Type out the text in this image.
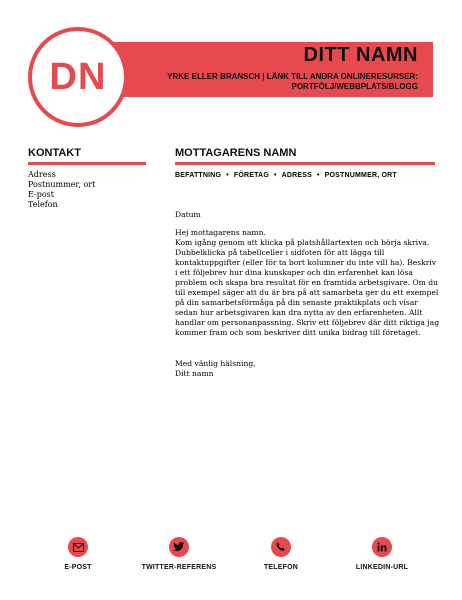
DITT NAMN
YRKE ELLER BRANSCH | LÄNK TILL ANDRA ONLINERESURSER:
PORTFÖLJ/WEBBPLATS/BLOGG
DN
KONTAKT
Adress
Postnummer, ort
E-post
Telefon
MOTTAGARENS NAMN
BEFATTNING • FÖRETAG • ADRESS • POSTNUMMER, ORT
Datum
Hej mottagarens namn.
Kom igång genom att klicka på platshållartexten och börja skriva. Dubbelklicka på tabellceller i sidfoten för att lägga till kontaktuppgifter (eller för ta bort kolumner du inte vill ha). Beskriv i ett följebrev hur dina kunskaper och din erfarenhet kan lösa problem och skapa bra resultat för en framtida arbetsgivare. Om du till exempel säger att du är bra på att samarbeta ger du ett exempel på din samarbetsförmåga på din senaste praktikplats och visar sedan hur arbetsgivaren kan dra nytta av den erfarenheten. Allt handlar om personanpassning. Skriv ett följebrev där ditt riktiga jag kommer fram och som beskriver ditt unika bidrag till företaget.
Med vänlig hälsning,
Ditt namn
E-POST	TWITTER-REFERENS	TELEFON	LINKEDIN-URL
